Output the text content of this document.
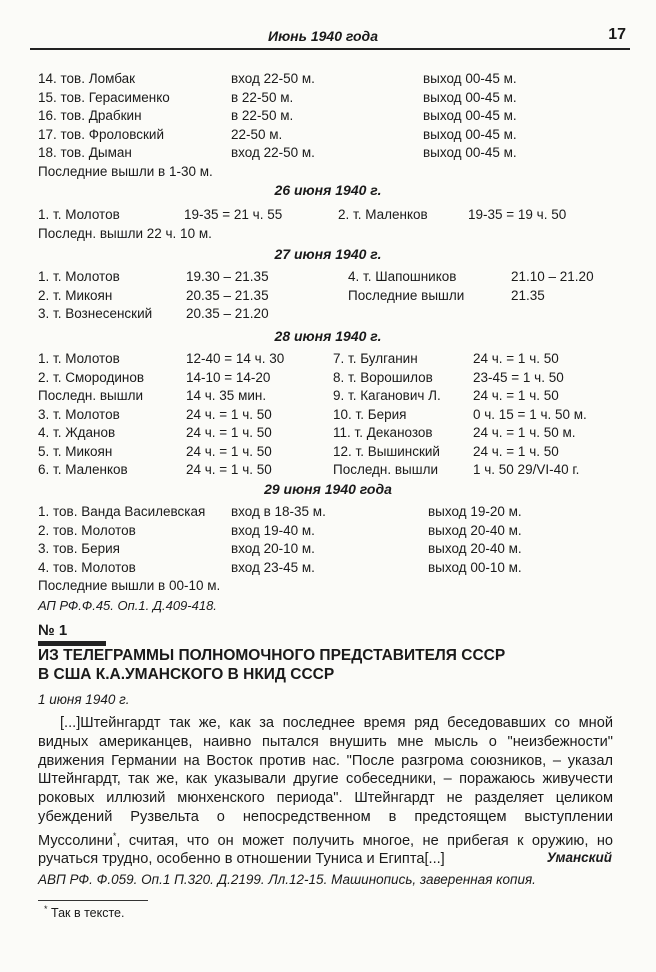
Июнь 1940 года	17
14. тов. Ломбак	вход 22-50 м.	выход 00-45 м.
15. тов. Герасименко	в 22-50 м.	выход 00-45 м.
16. тов. Драбкин	в 22-50 м.	выход 00-45 м.
17. тов. Фроловский	22-50 м.	выход 00-45 м.
18. тов. Дыман	вход 22-50 м.	выход 00-45 м.
Последние вышли в 1-30 м.
26 июня 1940 г.
1. т. Молотов	19-35 = 21 ч. 55	2. т. Маленков	19-35 = 19 ч. 50
Последн. вышли 22 ч. 10 м.
27 июня 1940 г.
1. т. Молотов	19.30 – 21.35	4. т. Шапошников	21.10 – 21.20
2. т. Микоян	20.35 – 21.35	Последние вышли	21.35
3. т. Вознесенский	20.35 – 21.20
28 июня 1940 г.
1. т. Молотов	12-40 = 14 ч. 30	7. т. Булганин	24 ч. = 1 ч. 50
2. т. Смородинов	14-10 = 14-20	8. т. Ворошилов	23-45 = 1 ч. 50
Последн. вышли	14 ч. 35 мин.	9. т. Каганович Л. 24 ч. = 1 ч. 50
3. т. Молотов	24 ч. = 1 ч. 50	10. т. Берия	0 ч. 15 = 1 ч. 50 м.
4. т. Жданов	24 ч. = 1 ч. 50	11. т. Деканозов	24 ч. = 1 ч. 50 м.
5. т. Микоян	24 ч. = 1 ч. 50	12. т. Вышинский 24 ч. = 1 ч. 50
6. т. Маленков	24 ч. = 1 ч. 50	Последн. вышли	1 ч. 50 29/VI-40 г.
29 июня 1940 года
1. тов. Ванда Василевская вход в 18-35 м.	выход 19-20 м.
2. тов. Молотов	вход 19-40 м.	выход 20-40 м.
3. тов. Берия	вход 20-10 м.	выход 20-40 м.
4. тов. Молотов	вход 23-45 м.	выход 00-10 м.
Последние вышли в 00-10 м.
АП РФ.Ф.45. Оп.1. Д.409-418.
№ 1
ИЗ ТЕЛЕГРАММЫ ПОЛНОМОЧНОГО ПРЕДСТАВИТЕЛЯ СССР
В США К.А.УМАНСКОГО В НКИД СССР
1 июня 1940 г.

[...]Штейнгардт так же, как за последнее время ряд беседовавших со мной видных американцев, наивно пытался внушить мне мысль о "неизбежности" движения Германии на Восток против нас. "После разгрома союзников, – указал Штейнгардт, так же, как указывали другие собеседники, – поражаюсь живучести роковых иллюзий мюнхенского периода". Штейнгардт не разделяет целиком убеждений Рузвельта о непосредственном в предстоящем выступлении Муссолини*, считая, что он может получить многое, не прибегая к оружию, но ручаться трудно, особенно в отношении Туниса и Египта[...]	Уманский
АВП РФ. Ф.059. Оп.1 П.320. Д.2199. Лл.12-15. Машинопись, заверенная копия.
* Так в тексте.
